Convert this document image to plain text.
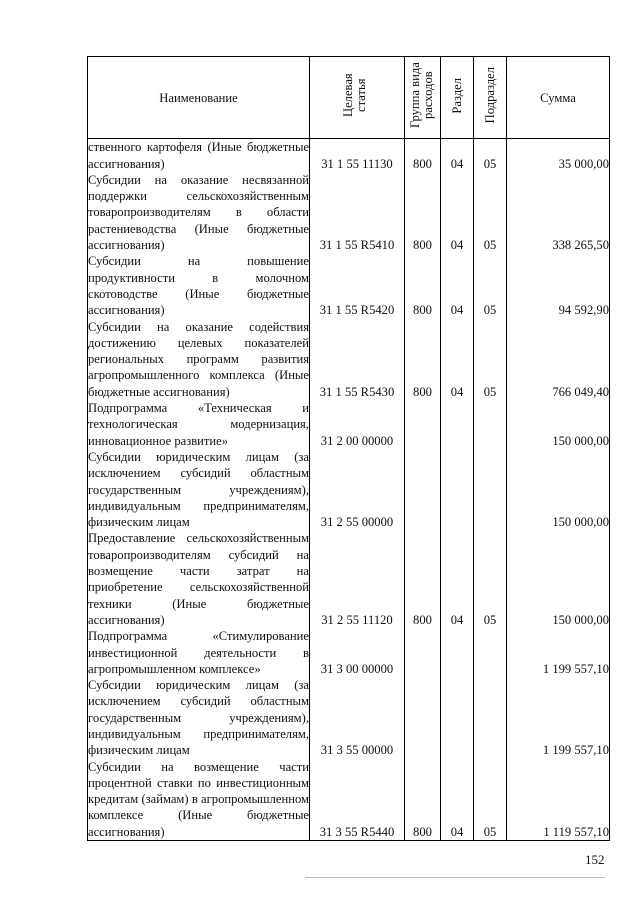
Наименование	Целевая статья	Группа вида расходов	Раздел	Подраздел	Сумма
ственного картофеля (Иные бюджетные ассигнования)	31 1 55 11130	800	04	05	35 000,00
Субсидии на оказание несвязанной поддержки сельскохозяйственным товаропроизводителям в области растениеводства (Иные бюджетные ассигнования)	31 1 55 R5410	800	04	05	338 265,50
Субсидии на повышение продуктивности в молочном скотоводстве (Иные бюджетные ассигнования)	31 1 55 R5420	800	04	05	94 592,90
Субсидии на оказание содействия достижению целевых показателей региональных программ развития агропромышленного комплекса (Иные бюджетные ассигнования)	31 1 55 R5430	800	04	05	766 049,40
Подпрограмма «Техническая и технологическая модернизация, инновационное развитие»	31 2 00 00000				150 000,00
Субсидии юридическим лицам (за исключением субсидий областным государственным учреждениям), индивидуальным предпринимателям, физическим лицам	31 2 55 00000				150 000,00
Предоставление сельскохозяйственным товаропроизводителям субсидий на возмещение части затрат на приобретение сельскохозяйственной техники (Иные бюджетные ассигнования)	31 2 55 11120	800	04	05	150 000,00
Подпрограмма «Стимулирование инвестиционной деятельности в агропромышленном комплексе»	31 3 00 00000				1 199 557,10
Субсидии юридическим лицам (за исключением субсидий областным государственным учреждениям), индивидуальным предпринимателям, физическим лицам	31 3 55 00000				1 199 557,10
Субсидии на возмещение части процентной ставки по инвестиционным кредитам (займам) в агропромышленном комплексе (Иные бюджетные ассигнования)	31 3 55 R5440	800	04	05	1 119 557,10
152
